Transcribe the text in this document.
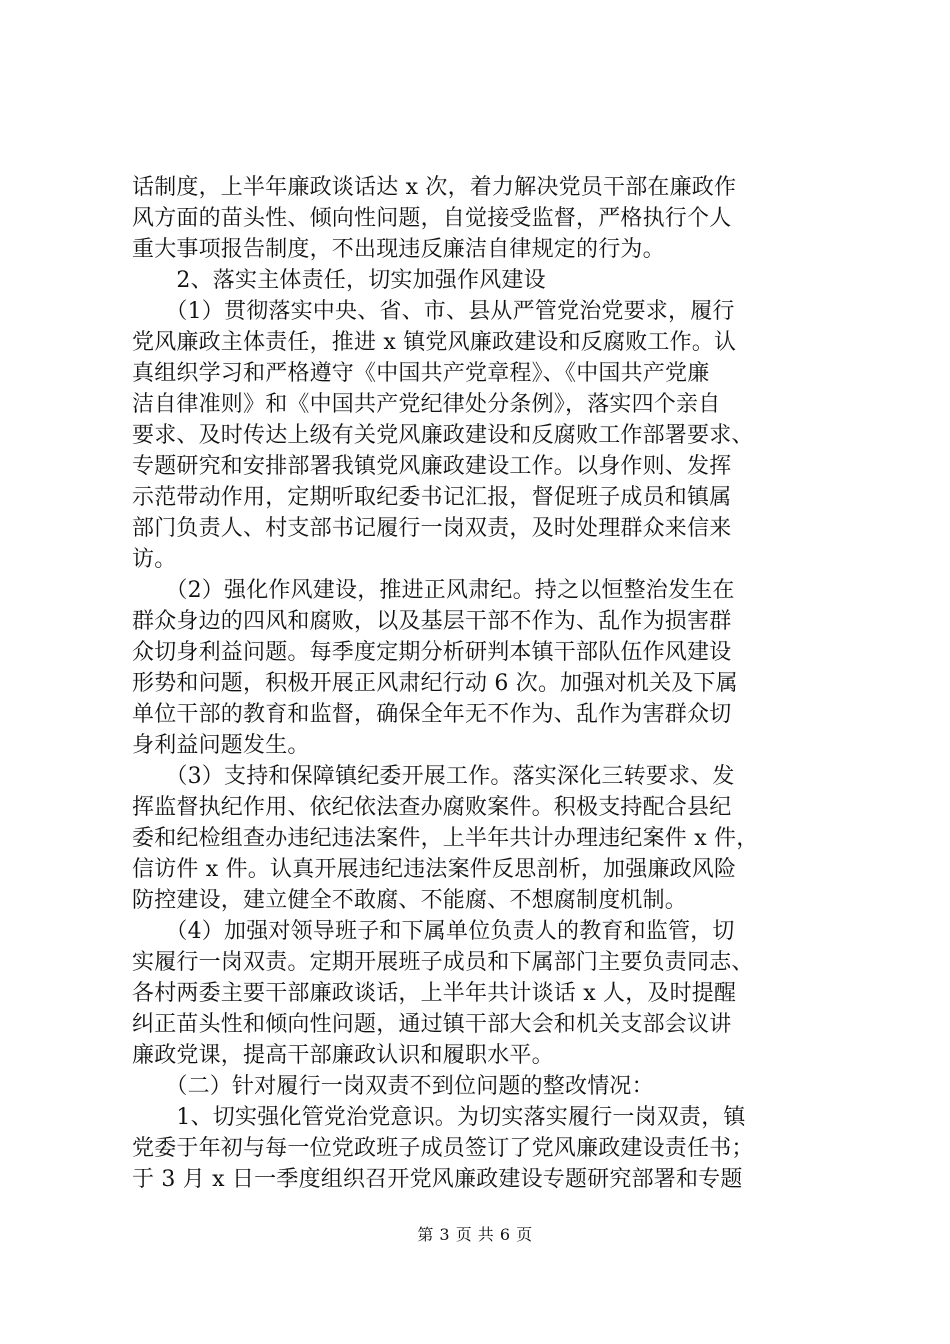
话制度，上半年廉政谈话达 x 次，着力解决党员干部在廉政作
风方面的苗头性、倾向性问题，自觉接受监督，严格执行个人
重大事项报告制度，不出现违反廉洁自律规定的行为。
　　2、落实主体责任，切实加强作风建设
　　（1）贯彻落实中央、省、市、县从严管党治党要求，履行
党风廉政主体责任，推进 x 镇党风廉政建设和反腐败工作。认
真组织学习和严格遵守《中国共产党章程》、《中国共产党廉
洁自律准则》和《中国共产党纪律处分条例》，落实四个亲自
要求、及时传达上级有关党风廉政建设和反腐败工作部署要求、
专题研究和安排部署我镇党风廉政建设工作。以身作则、发挥
示范带动作用，定期听取纪委书记汇报，督促班子成员和镇属
部门负责人、村支部书记履行一岗双责，及时处理群众来信来
访。
　　（2）强化作风建设，推进正风肃纪。持之以恒整治发生在
群众身边的四风和腐败，以及基层干部不作为、乱作为损害群
众切身利益问题。每季度定期分析研判本镇干部队伍作风建设
形势和问题，积极开展正风肃纪行动 6 次。加强对机关及下属
单位干部的教育和监督，确保全年无不作为、乱作为害群众切
身利益问题发生。
　　（3）支持和保障镇纪委开展工作。落实深化三转要求、发
挥监督执纪作用、依纪依法查办腐败案件。积极支持配合县纪
委和纪检组查办违纪违法案件，上半年共计办理违纪案件 x 件，
信访件 x 件。认真开展违纪违法案件反思剖析，加强廉政风险
防控建设，建立健全不敢腐、不能腐、不想腐制度机制。
　　（4）加强对领导班子和下属单位负责人的教育和监管，切
实履行一岗双责。定期开展班子成员和下属部门主要负责同志、
各村两委主要干部廉政谈话，上半年共计谈话 x 人，及时提醒
纠正苗头性和倾向性问题，通过镇干部大会和机关支部会议讲
廉政党课，提高干部廉政认识和履职水平。
　　（二）针对履行一岗双责不到位问题的整改情况：
　　1、切实强化管党治党意识。为切实落实履行一岗双责，镇
党委于年初与每一位党政班子成员签订了党风廉政建设责任书；
于 3 月 x 日一季度组织召开党风廉政建设专题研究部署和专题
第 3 页 共 6 页
